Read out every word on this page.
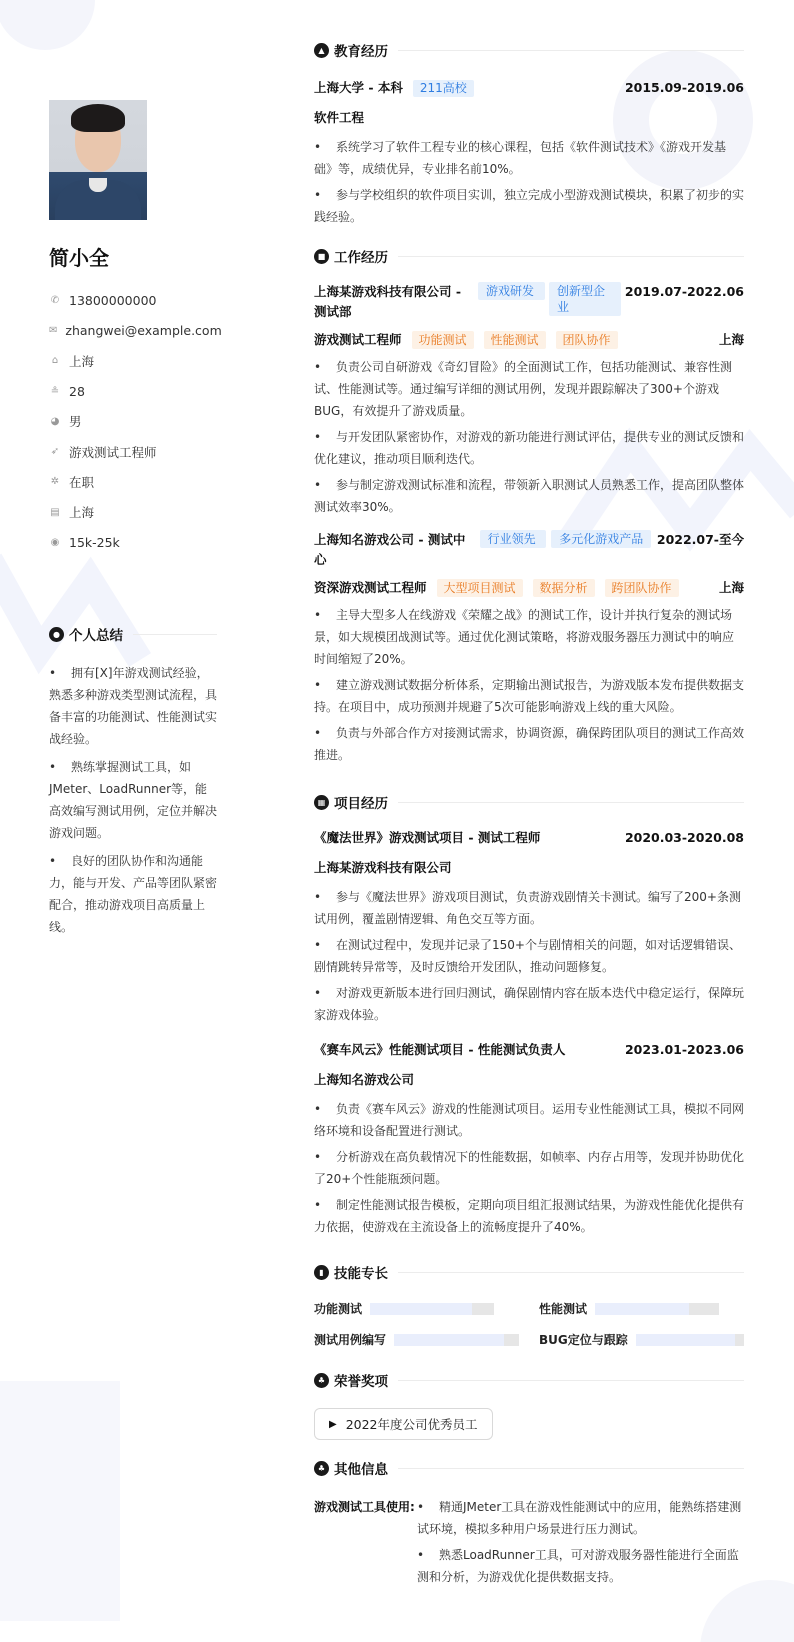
简小全
✆ 13800000000
✉ zhangwei@example.com
⌂ 上海
≗ 28
◕ 男
➶ 游戏测试工程师
✲ 在职
▤ 上海
◉ 15k-25k
● 个人总结
• 拥有[X]年游戏测试经验，熟悉多种游戏类型测试流程，具备丰富的功能测试、性能测试实战经验。
• 熟练掌握测试工具，如JMeter、LoadRunner等，能高效编写测试用例，定位并解决游戏问题。
• 良好的团队协作和沟通能力，能与开发、产品等团队紧密配合，推动游戏项目高质量上线。
▲ 教育经历
上海大学 - 本科	211高校	2015.09-2019.06
软件工程
• 系统学习了软件工程专业的核心课程，包括《软件测试技术》《游戏开发基础》等，成绩优异，专业排名前10%。
• 参与学校组织的软件项目实训，独立完成小型游戏测试模块，积累了初步的实践经验。
■ 工作经历
上海某游戏科技有限公司 - 测试部
游戏研发	创新型企业
2019.07-2022.06
游戏测试工程师	功能测试	性能测试	团队协作	上海
• 负责公司自研游戏《奇幻冒险》的全面测试工作，包括功能测试、兼容性测试、性能测试等。通过编写详细的测试用例，发现并跟踪解决了300+个游戏BUG，有效提升了游戏质量。
• 与开发团队紧密协作，对游戏的新功能进行测试评估，提供专业的测试反馈和优化建议，推动项目顺利迭代。
• 参与制定游戏测试标准和流程，带领新入职测试人员熟悉工作，提高团队整体测试效率30%。
上海知名游戏公司 - 测试中心
行业领先	多元化游戏产品	2022.07-至今
资深游戏测试工程师	大型项目测试	数据分析	跨团队协作	上海
• 主导大型多人在线游戏《荣耀之战》的测试工作，设计并执行复杂的测试场景，如大规模团战测试等。通过优化测试策略，将游戏服务器压力测试中的响应时间缩短了20%。
• 建立游戏测试数据分析体系，定期输出测试报告，为游戏版本发布提供数据支持。在项目中，成功预测并规避了5次可能影响游戏上线的重大风险。
• 负责与外部合作方对接测试需求，协调资源，确保跨团队项目的测试工作高效推进。
▦ 项目经历
《魔法世界》游戏测试项目 - 测试工程师	2020.03-2020.08
上海某游戏科技有限公司
• 参与《魔法世界》游戏项目测试，负责游戏剧情关卡测试。编写了200+条测试用例，覆盖剧情逻辑、角色交互等方面。
• 在测试过程中，发现并记录了150+个与剧情相关的问题，如对话逻辑错误、剧情跳转异常等，及时反馈给开发团队，推动问题修复。
• 对游戏更新版本进行回归测试，确保剧情内容在版本迭代中稳定运行，保障玩家游戏体验。
《赛车风云》性能测试项目 - 性能测试负责人	2023.01-2023.06
上海知名游戏公司
• 负责《赛车风云》游戏的性能测试项目。运用专业性能测试工具，模拟不同网络环境和设备配置进行测试。
• 分析游戏在高负载情况下的性能数据，如帧率、内存占用等，发现并协助优化了20+个性能瓶颈问题。
• 制定性能测试报告模板，定期向项目组汇报测试结果，为游戏性能优化提供有力依据，使游戏在主流设备上的流畅度提升了40%。
▮ 技能专长
功能测试	性能测试
测试用例编写	BUG定位与跟踪
♣ 荣誉奖项
▶ 2022年度公司优秀员工
♣ 其他信息
游戏测试工具使用: • 精通JMeter工具在游戏性能测试中的应用，能熟练搭建测试环境，模拟多种用户场景进行压力测试。
• 熟悉LoadRunner工具，可对游戏服务器性能进行全面监测和分析，为游戏优化提供数据支持。
